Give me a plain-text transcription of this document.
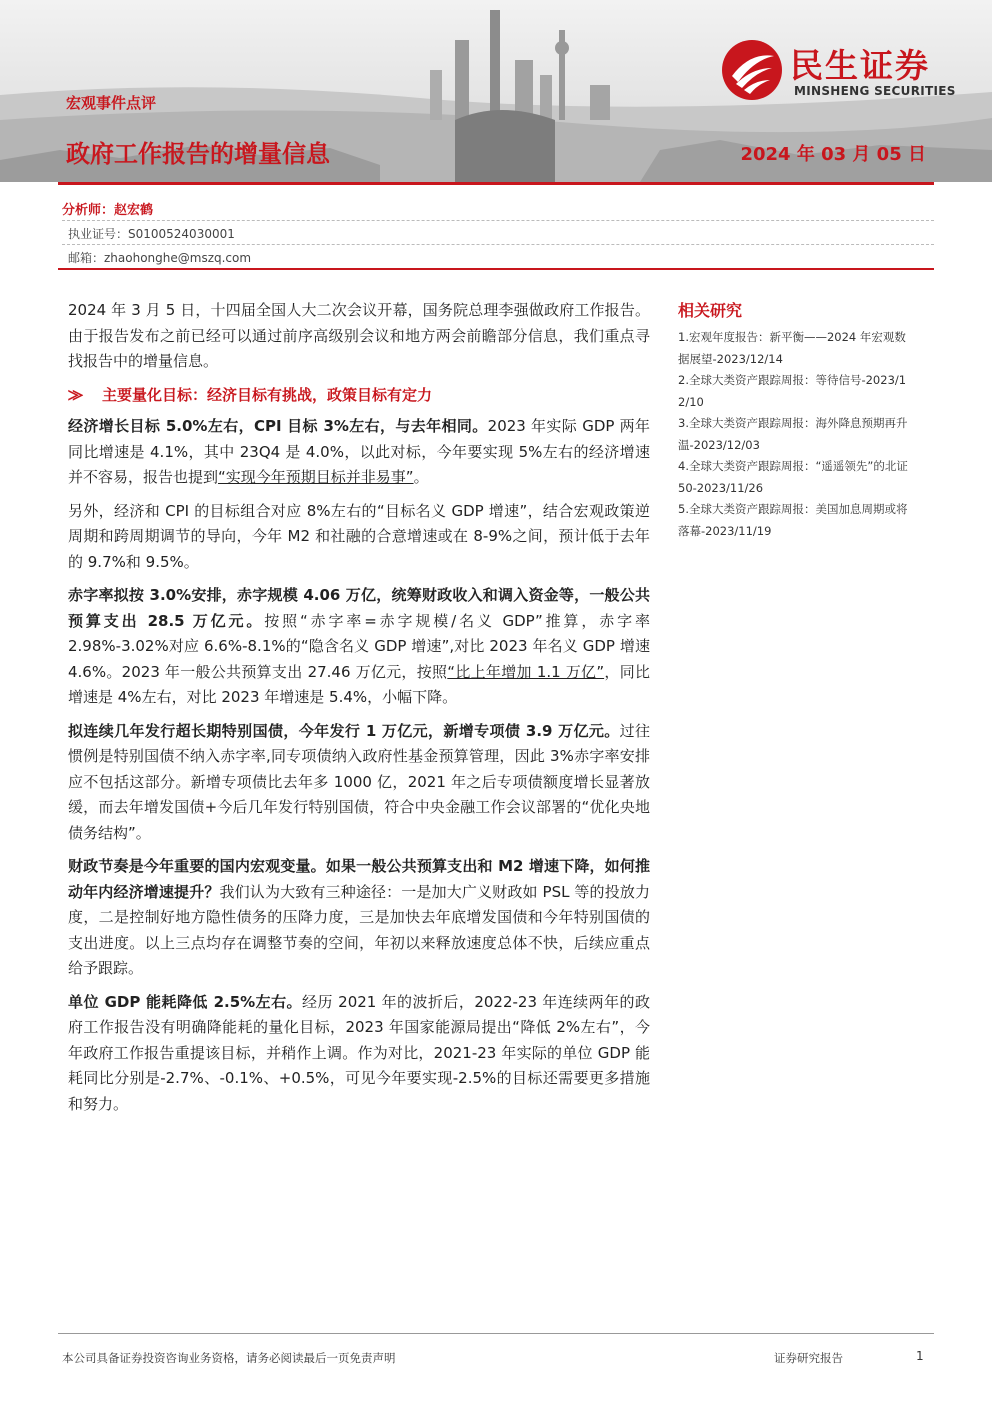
民生证券
MINSHENG SECURITIES
宏观事件点评
政府工作报告的增量信息	2024 年 03 月 05 日
分析师：赵宏鹤
执业证号：S0100524030001
邮箱：zhaohonghe@mszq.com

2024 年 3 月 5 日，十四届全国人大二次会议开幕，国务院总理李强做政府工作报告。由于报告发布之前已经可以通过前序高级别会议和地方两会前瞻部分信息，我们重点寻找报告中的增量信息。

⨠	主要量化目标：经济目标有挑战，政策目标有定力

经济增长目标 5.0%左右，CPI 目标 3%左右，与去年相同。2023 年实际 GDP 两年同比增速是 4.1%，其中 23Q4 是 4.0%，以此对标，今年要实现 5%左右的经济增速并不容易，报告也提到“实现今年预期目标并非易事”。

另外，经济和 CPI 的目标组合对应 8%左右的“目标名义 GDP 增速”，结合宏观政策逆周期和跨周期调节的导向，今年 M2 和社融的合意增速或在 8-9%之间，预计低于去年的 9.7%和 9.5%。

赤字率拟按 3.0%安排，赤字规模 4.06 万亿，统筹财政收入和调入资金等，一般公共预算支出 28.5 万亿元。按照“赤字率=赤字规模/名义 GDP”推算，赤字率 2.98%-3.02%对应 6.6%-8.1%的“隐含名义 GDP 增速”,对比 2023 年名义 GDP 增速 4.6%。2023 年一般公共预算支出 27.46 万亿元，按照“比上年增加 1.1 万亿”，同比增速是 4%左右，对比 2023 年增速是 5.4%，小幅下降。

拟连续几年发行超长期特别国债，今年发行 1 万亿元，新增专项债 3.9 万亿元。过往惯例是特别国债不纳入赤字率,同专项债纳入政府性基金预算管理，因此 3%赤字率安排应不包括这部分。新增专项债比去年多 1000 亿，2021 年之后专项债额度增长显著放缓，而去年增发国债+今后几年发行特别国债，符合中央金融工作会议部署的“优化央地债务结构”。

财政节奏是今年重要的国内宏观变量。如果一般公共预算支出和 M2 增速下降，如何推动年内经济增速提升？我们认为大致有三种途径：一是加大广义财政如 PSL 等的投放力度，二是控制好地方隐性债务的压降力度，三是加快去年底增发国债和今年特别国债的支出进度。以上三点均存在调整节奏的空间，年初以来释放速度总体不快，后续应重点给予跟踪。

单位 GDP 能耗降低 2.5%左右。经历 2021 年的波折后，2022-23 年连续两年的政府工作报告没有明确降能耗的量化目标，2023 年国家能源局提出“降低 2%左右”，今年政府工作报告重提该目标，并稍作上调。作为对比，2021-23 年实际的单位 GDP 能耗同比分别是-2.7%、-0.1%、+0.5%，可见今年要实现-2.5%的目标还需要更多措施和努力。

相关研究
1.宏观年度报告：新平衡——2024 年宏观数
据展望-2023/12/14
2.全球大类资产跟踪周报：等待信号-2023/1
2/10
3.全球大类资产跟踪周报：海外降息预期再升
温-2023/12/03
4.全球大类资产跟踪周报：“遥遥领先”的北证
50-2023/11/26
5.全球大类资产跟踪周报：美国加息周期或将
落幕-2023/11/19
本公司具备证券投资咨询业务资格，请务必阅读最后一页免责声明	证券研究报告	1
